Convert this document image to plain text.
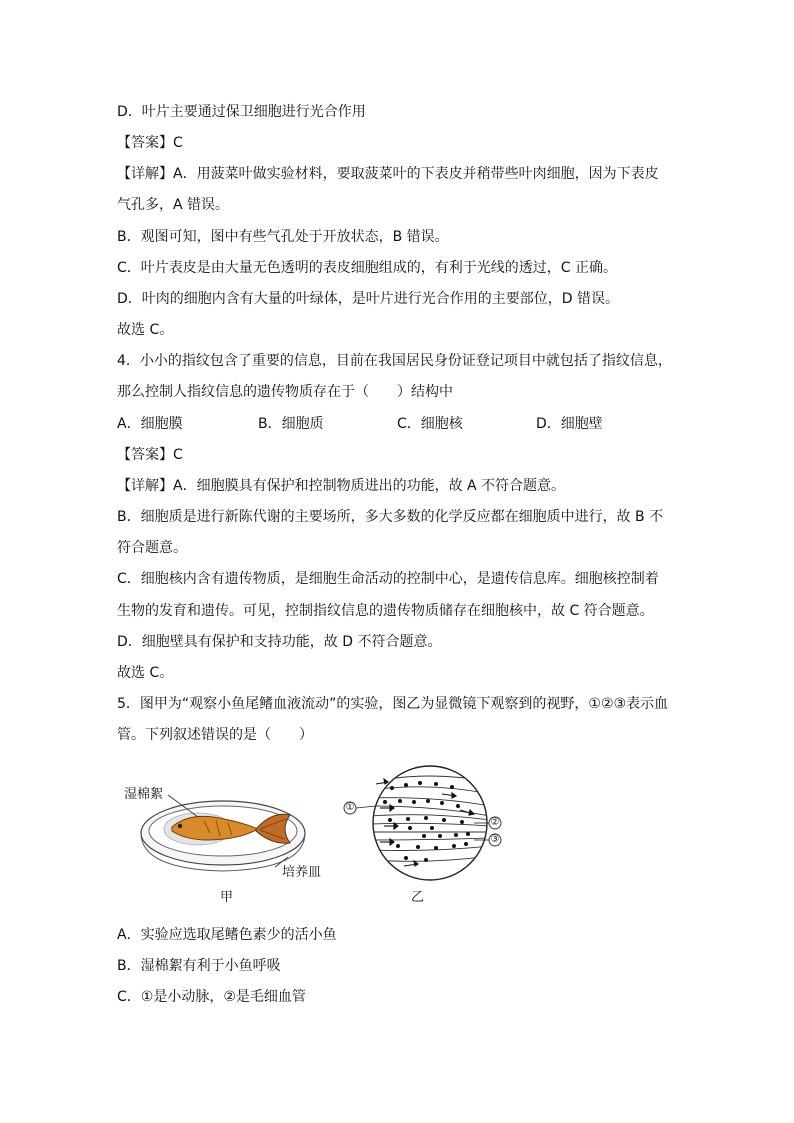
D．叶片主要通过保卫细胞进行光合作用
【答案】C
【详解】A．用菠菜叶做实验材料，要取菠菜叶的下表皮并稍带些叶肉细胞，因为下表皮
气孔多，A 错误。
B．观图可知，图中有些气孔处于开放状态，B 错误。
C．叶片表皮是由大量无色透明的表皮细胞组成的，有利于光线的透过，C 正确。
D．叶肉的细胞内含有大量的叶绿体，是叶片进行光合作用的主要部位，D 错误。
故选 C。
4．小小的指纹包含了重要的信息，目前在我国居民身份证登记项目中就包括了指纹信息，
那么控制人指纹信息的遗传物质存在于（　　）结构中
A．细胞膜	B．细胞质	C．细胞核	D．细胞壁
【答案】C
【详解】A．细胞膜具有保护和控制物质进出的功能，故 A 不符合题意。
B．细胞质是进行新陈代谢的主要场所，多大多数的化学反应都在细胞质中进行，故 B 不
符合题意。
C．细胞核内含有遗传物质，是细胞生命活动的控制中心，是遗传信息库。细胞核控制着
生物的发育和遗传。可见，控制指纹信息的遗传物质储存在细胞核中，故 C 符合题意。
D．细胞壁具有保护和支持功能，故 D 不符合题意。
故选 C。
5．图甲为“观察小鱼尾鳍血液流动”的实验，图乙为显微镜下观察到的视野，①②③表示血
管。下列叙述错误的是（　　）
湿棉絮
培养皿
甲
①
②
③
乙
A．实验应选取尾鳍色素少的活小鱼
B．湿棉絮有利于小鱼呼吸
C．①是小动脉，②是毛细血管
